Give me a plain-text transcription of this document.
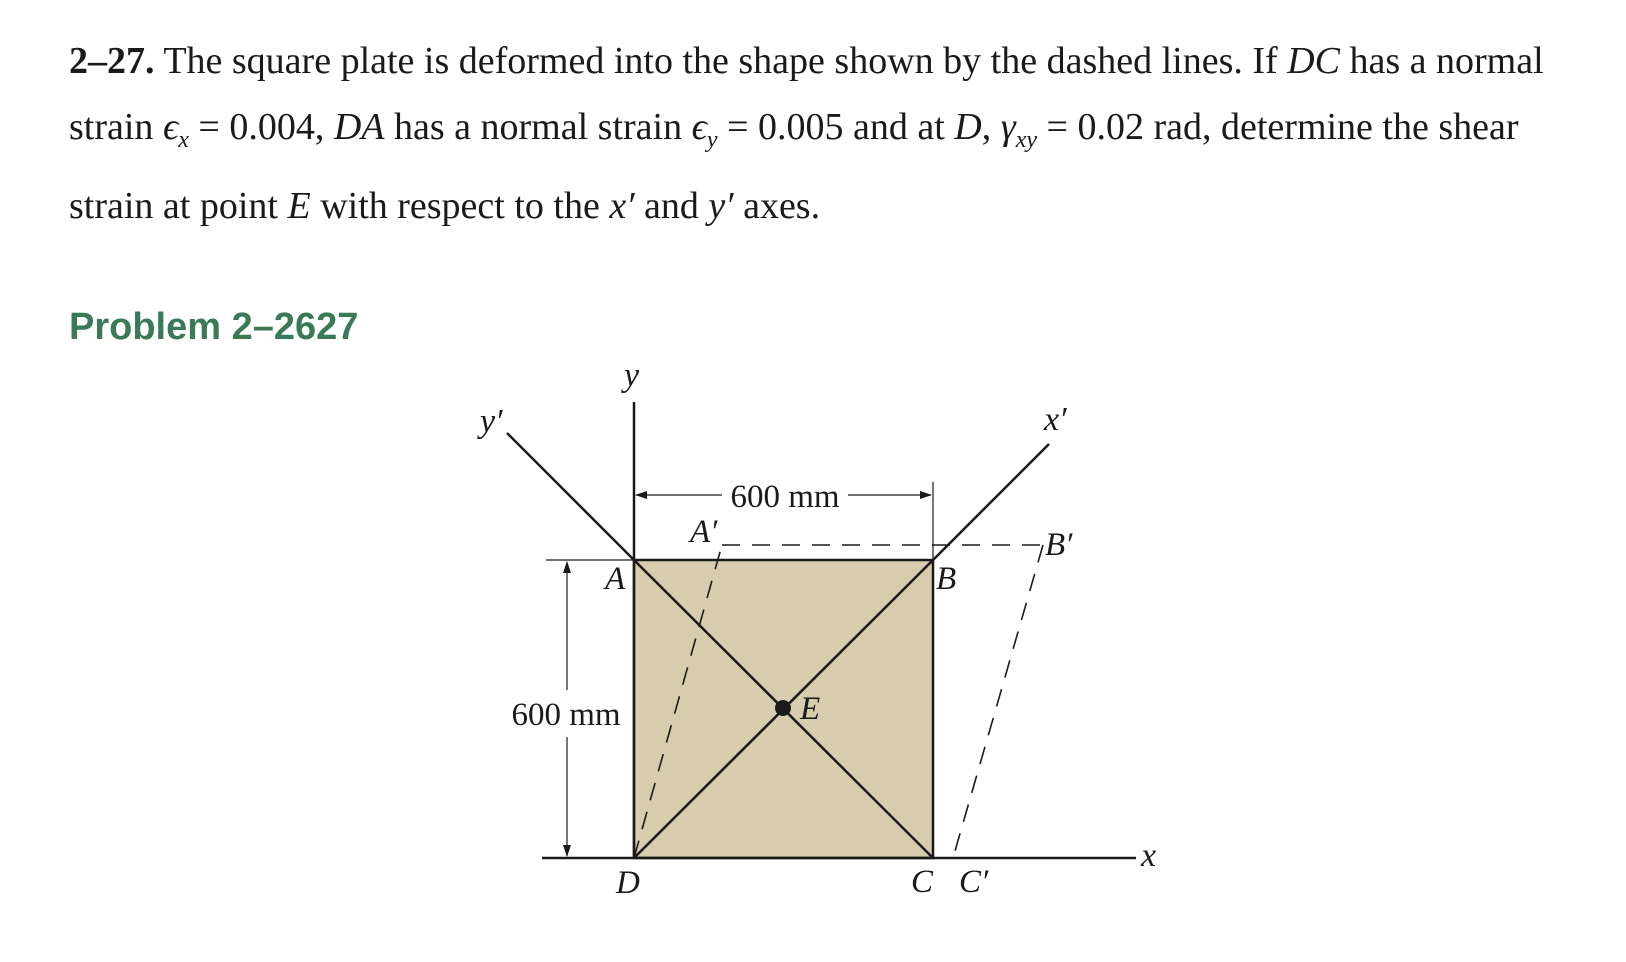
2–27. The square plate is deformed into the shape shown by the dashed lines. If DC has a normal strain $\epsilon_x = 0.004$, DA has a normal strain $\epsilon_y = 0.005$ and at D, $\gamma_{xy} = 0.02$ rad, determine the shear strain at point E with respect to the x′ and y′ axes.

Problem 2–2627
600 mm
600 mm
y
y′	x′
x
A
A′
B
B′
E
D	C C′
